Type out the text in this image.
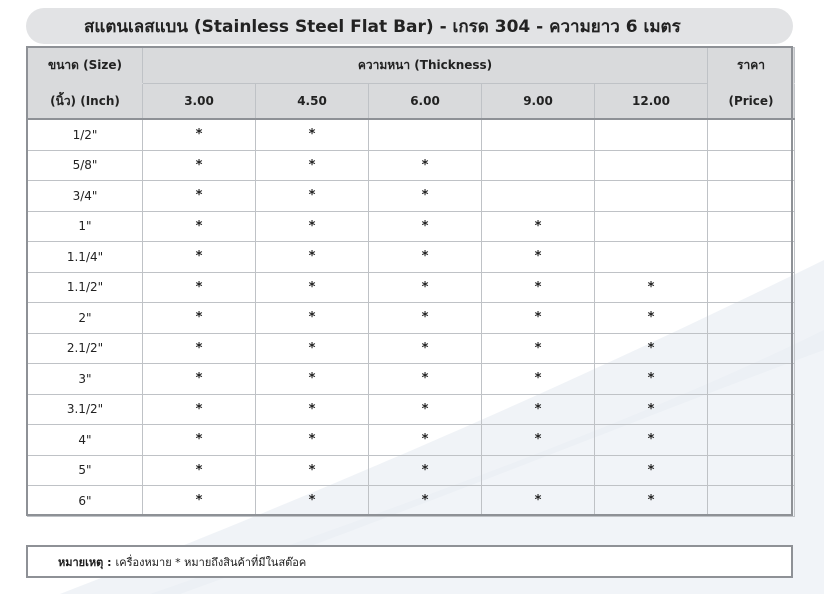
สแตนเลสแบน (Stainless Steel Flat Bar) - เกรด 304 - ความยาว 6 เมตร
ขนาด (Size)	ความหนา (Thickness)					ราคา
(นิ้ว) (Inch)	3.00	4.50	6.00	9.00	12.00	(Price)
1/2"	*	*				
5/8"	*	*	*			
3/4"	*	*	*			
1"	*	*	*	*		
1.1/4"	*	*	*	*		
1.1/2"	*	*	*	*	*	
2"	*	*	*	*	*	
2.1/2"	*	*	*	*	*	
3"	*	*	*	*	*	
3.1/2"	*	*	*	*	*	
4"	*	*	*	*	*	
5"	*	*	*		*	
6"	*	*	*	*	*	
หมายเหตุ : เครื่องหมาย * หมายถึงสินค้าที่มีในสต๊อค
